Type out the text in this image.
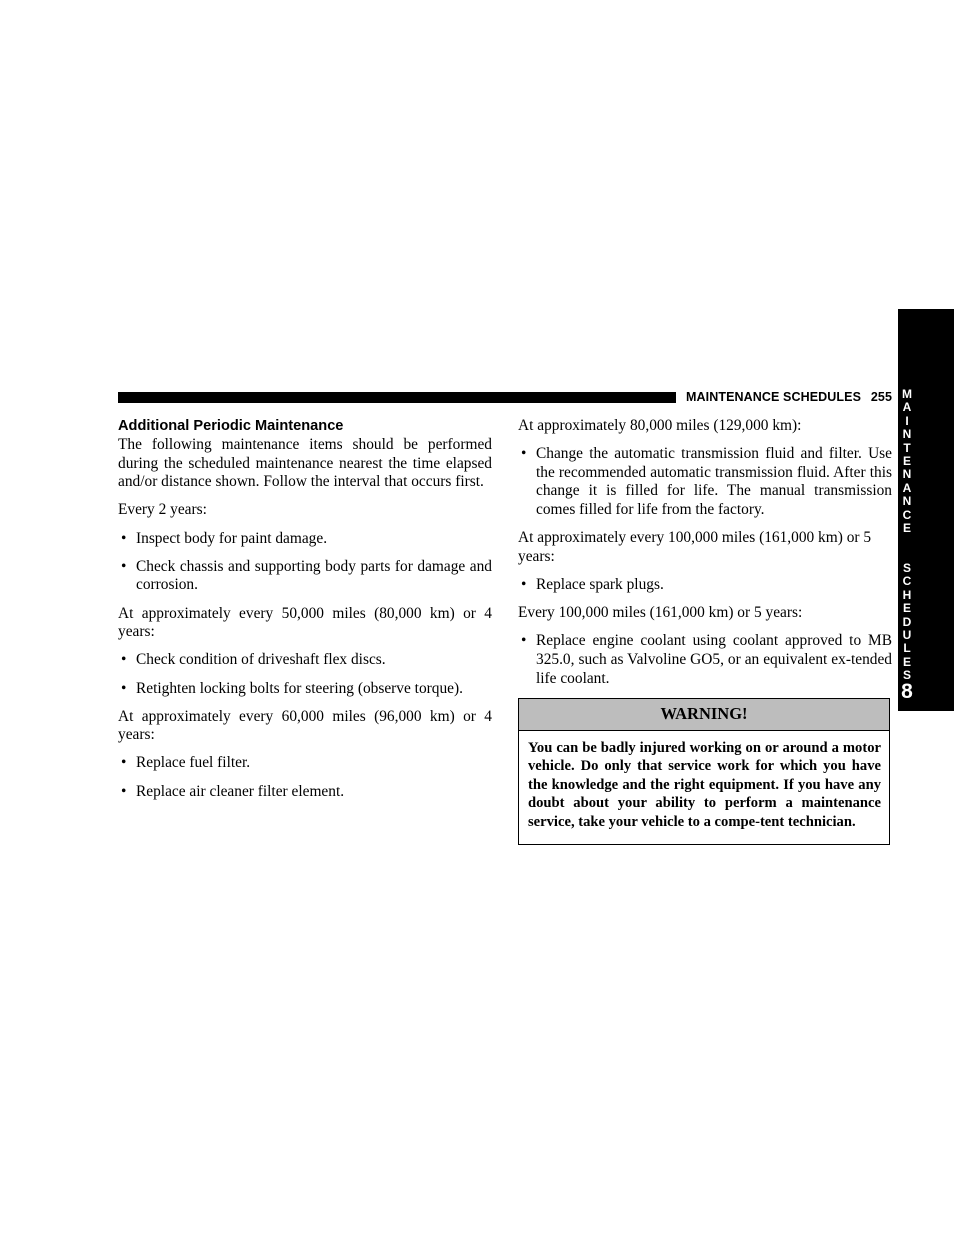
MAINTENANCE SCHEDULES 255 M
A
I
N
T
E
N
A
N
C
E
S
C
H
E
D
U
L
E
S
8

Additional Periodic Maintenance

The following maintenance items should be performed during the scheduled maintenance nearest the time elapsed and/or distance shown. Follow the interval that occurs first.

Every 2 years:

• Inspect body for paint damage.
• Check chassis and supporting body parts for damage and corrosion.

At approximately every 50,000 miles (80,000 km) or 4 years:

• Check condition of driveshaft flex discs.
• Retighten locking bolts for steering (observe torque).

At approximately every 60,000 miles (96,000 km) or 4 years:

• Replace fuel filter.
• Replace air cleaner filter element.

At approximately 80,000 miles (129,000 km):

• Change the automatic transmission fluid and filter. Use the recommended automatic transmission fluid. After this change it is filled for life. The manual transmission comes filled for life from the factory.

At approximately every 100,000 miles (161,000 km) or 5 years:

• Replace spark plugs.

Every 100,000 miles (161,000 km) or 5 years:

• Replace engine coolant using coolant approved to MB 325.0, such as Valvoline GO5, or an equivalent ex-tended life coolant.
WARNING!
You can be badly injured working on or around a motor vehicle. Do only that service work for which you have the knowledge and the right equipment. If you have any doubt about your ability to perform a maintenance service, take your vehicle to a compe-tent technician.
